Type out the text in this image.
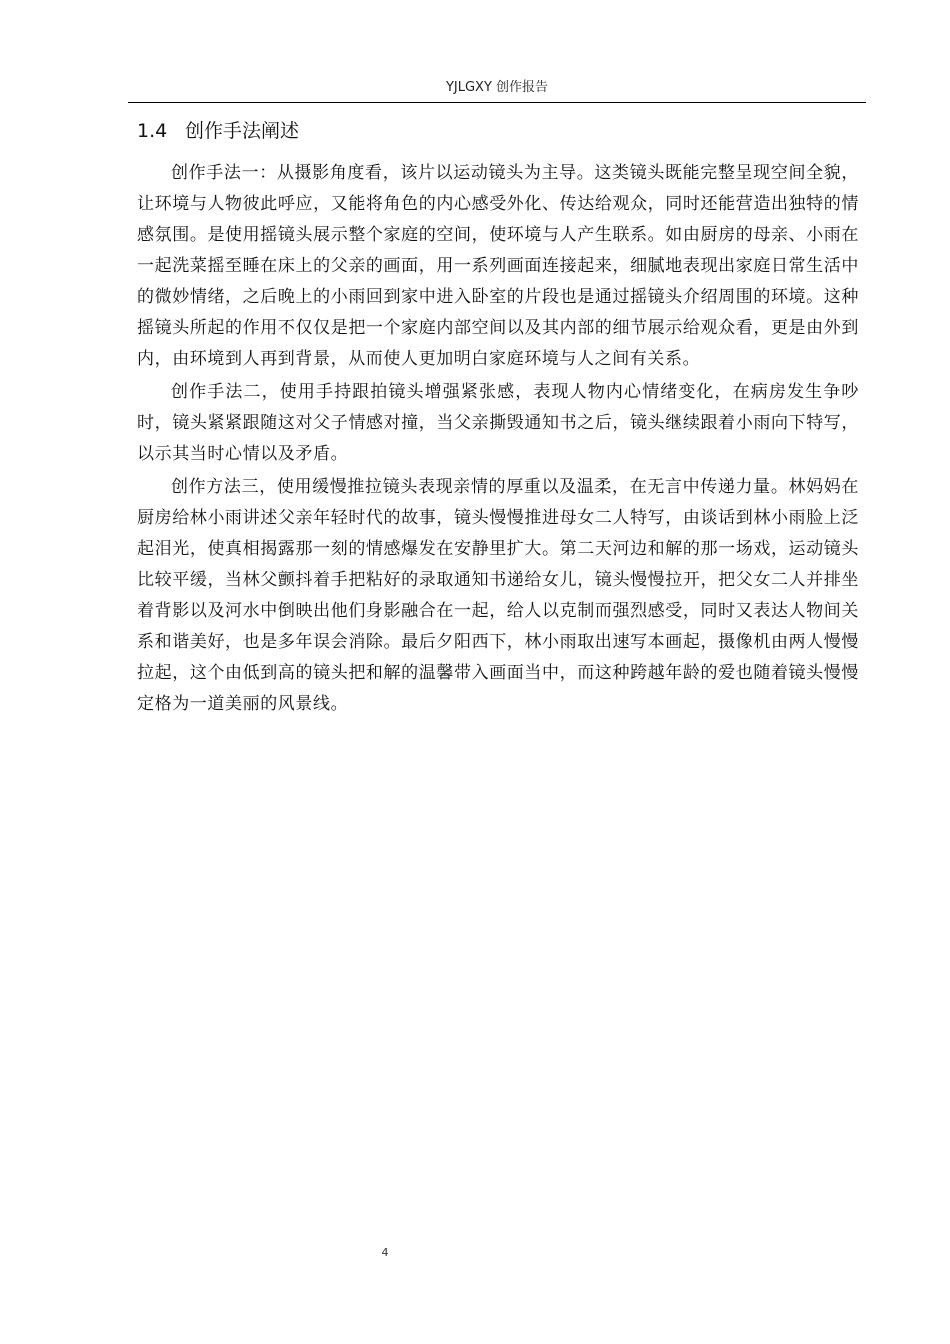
YJLGXY 创作报告
1.4 创作手法阐述

创作手法一：从摄影角度看，该片以运动镜头为主导。这类镜头既能完整呈现空间全貌，让环境与人物彼此呼应，又能将角色的内心感受外化、传达给观众，同时还能营造出独特的情感氛围。是使用摇镜头展示整个家庭的空间，使环境与人产生联系。如由厨房的母亲、小雨在一起洗菜摇至睡在床上的父亲的画面，用一系列画面连接起来，细腻地表现出家庭日常生活中的微妙情绪，之后晚上的小雨回到家中进入卧室的片段也是通过摇镜头介绍周围的环境。这种摇镜头所起的作用不仅仅是把一个家庭内部空间以及其内部的细节展示给观众看，更是由外到内，由环境到人再到背景，从而使人更加明白家庭环境与人之间有关系。

创作手法二，使用手持跟拍镜头增强紧张感，表现人物内心情绪变化，在病房发生争吵时，镜头紧紧跟随这对父子情感对撞，当父亲撕毁通知书之后，镜头继续跟着小雨向下特写，以示其当时心情以及矛盾。

创作方法三，使用缓慢推拉镜头表现亲情的厚重以及温柔，在无言中传递力量。林妈妈在厨房给林小雨讲述父亲年轻时代的故事，镜头慢慢推进母女二人特写，由谈话到林小雨脸上泛起泪光，使真相揭露那一刻的情感爆发在安静里扩大。第二天河边和解的那一场戏，运动镜头比较平缓，当林父颤抖着手把粘好的录取通知书递给女儿，镜头慢慢拉开，把父女二人并排坐着背影以及河水中倒映出他们身影融合在一起，给人以克制而强烈感受，同时又表达人物间关系和谐美好，也是多年误会消除。最后夕阳西下，林小雨取出速写本画起，摄像机由两人慢慢拉起，这个由低到高的镜头把和解的温馨带入画面当中，而这种跨越年龄的爱也随着镜头慢慢定格为一道美丽的风景线。

4
